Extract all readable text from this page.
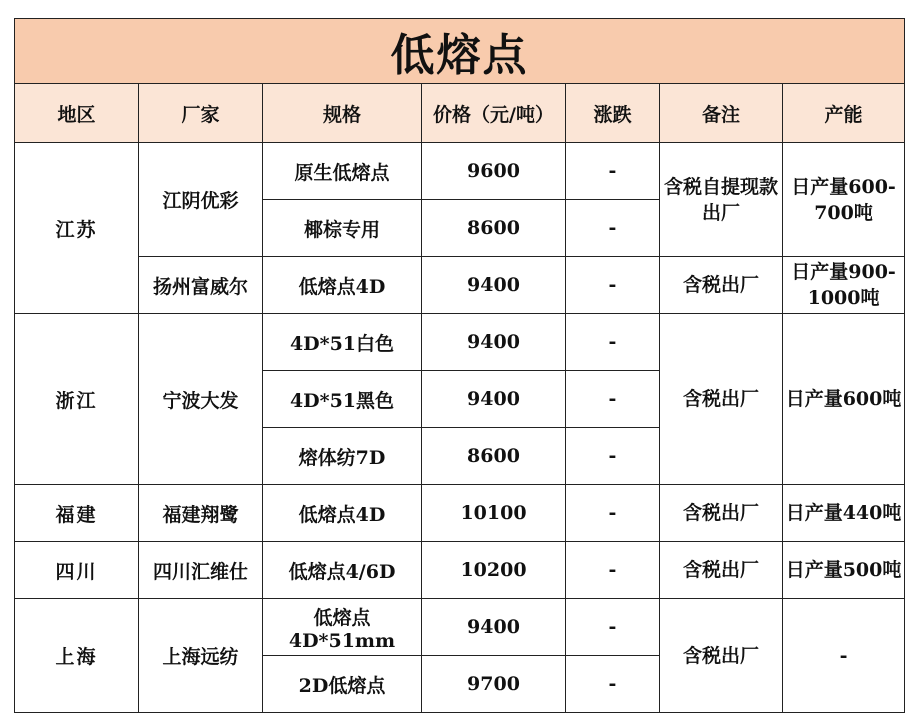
低熔点						
地区	厂家	规格	价格（元/吨）	涨跌	备注	产能
江苏	江阴优彩	原生低熔点	9600	-	含税自提现款出厂	日产量600-700吨
		椰棕专用	8600	-		
	扬州富威尔	低熔点4D	9400	-	含税出厂	日产量900-1000吨
浙江	宁波大发	4D*51白色	9400	-	含税出厂	日产量600吨
		4D*51黑色	9400	-		
		熔体纺7D	8600	-		
福建	福建翔鹭	低熔点4D	10100	-	含税出厂	日产量440吨
四川	四川汇维仕	低熔点4/6D	10200	-	含税出厂	日产量500吨
上海	上海远纺	低熔点4D*51mm	9400	-	含税出厂	-
		2D低熔点	9700	-		
